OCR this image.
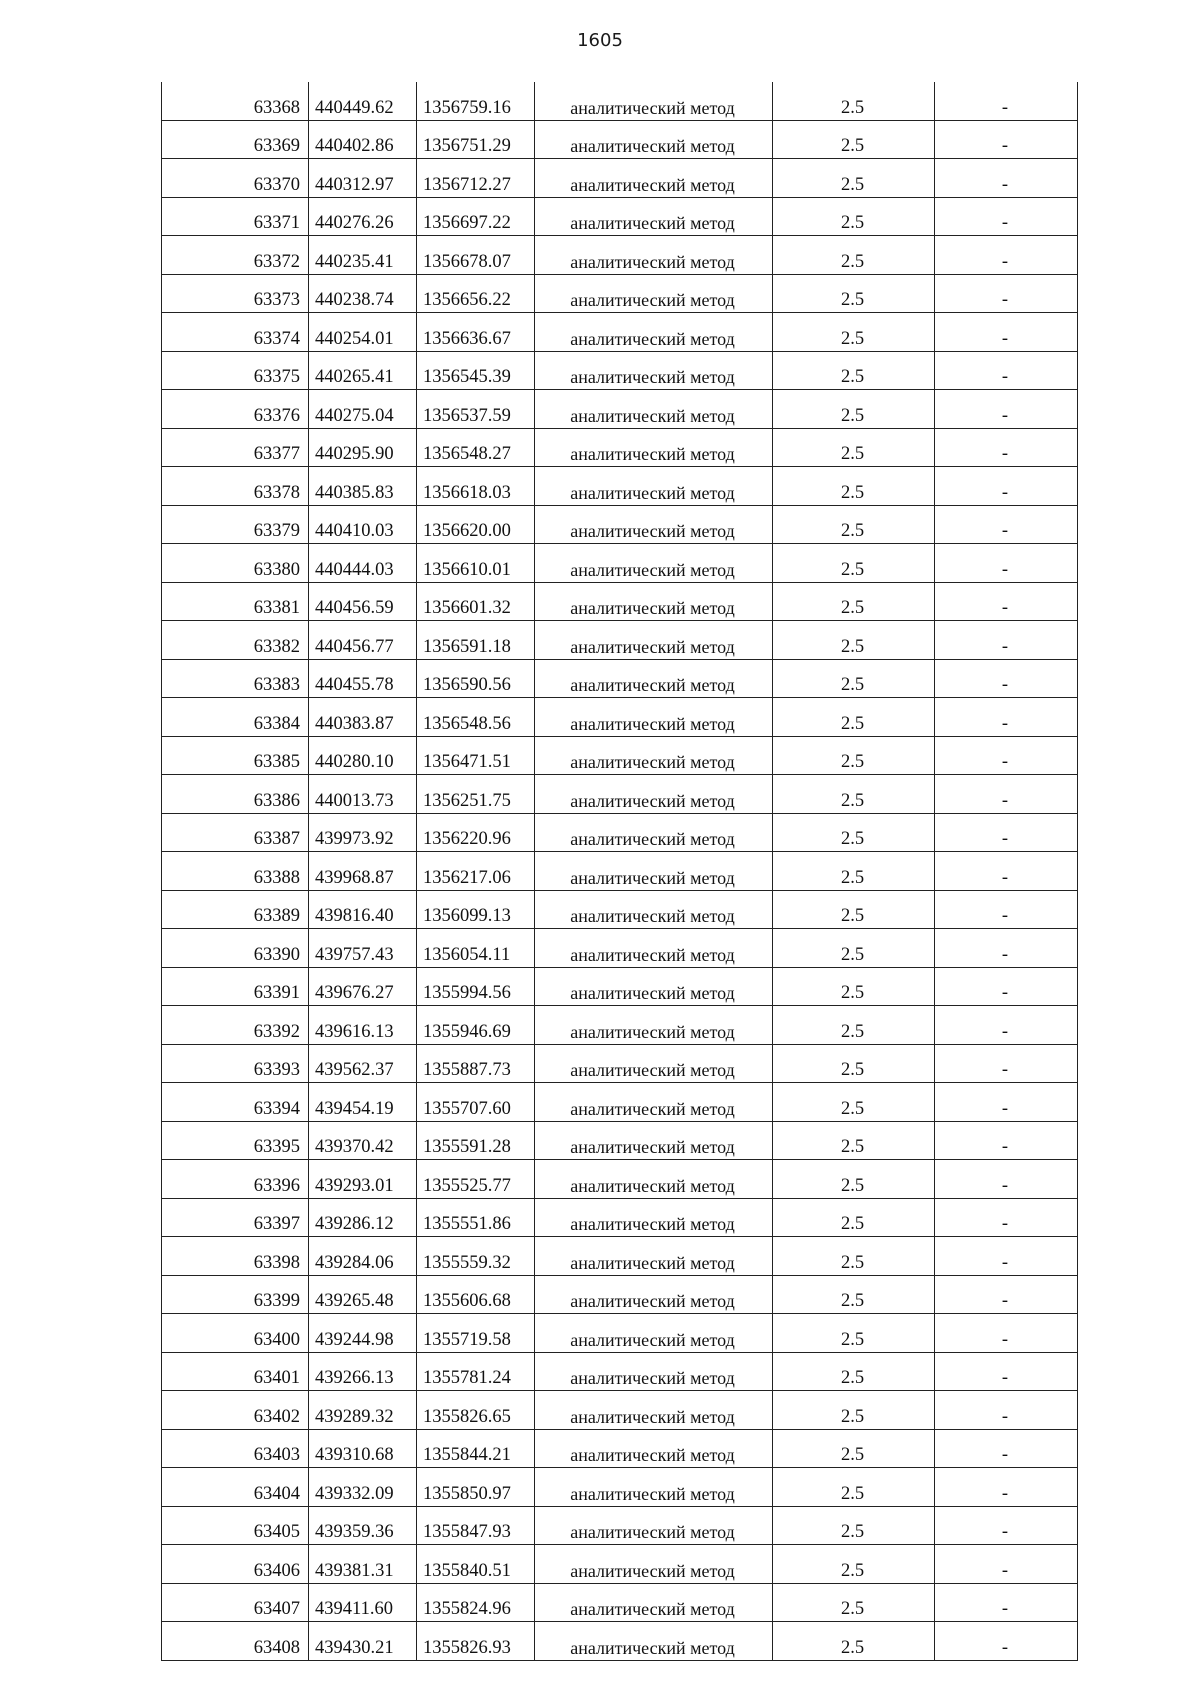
1605
63368	440449.62	1356759.16	аналитический метод	2.5	-
63369	440402.86	1356751.29	аналитический метод	2.5	-
63370	440312.97	1356712.27	аналитический метод	2.5	-
63371	440276.26	1356697.22	аналитический метод	2.5	-
63372	440235.41	1356678.07	аналитический метод	2.5	-
63373	440238.74	1356656.22	аналитический метод	2.5	-
63374	440254.01	1356636.67	аналитический метод	2.5	-
63375	440265.41	1356545.39	аналитический метод	2.5	-
63376	440275.04	1356537.59	аналитический метод	2.5	-
63377	440295.90	1356548.27	аналитический метод	2.5	-
63378	440385.83	1356618.03	аналитический метод	2.5	-
63379	440410.03	1356620.00	аналитический метод	2.5	-
63380	440444.03	1356610.01	аналитический метод	2.5	-
63381	440456.59	1356601.32	аналитический метод	2.5	-
63382	440456.77	1356591.18	аналитический метод	2.5	-
63383	440455.78	1356590.56	аналитический метод	2.5	-
63384	440383.87	1356548.56	аналитический метод	2.5	-
63385	440280.10	1356471.51	аналитический метод	2.5	-
63386	440013.73	1356251.75	аналитический метод	2.5	-
63387	439973.92	1356220.96	аналитический метод	2.5	-
63388	439968.87	1356217.06	аналитический метод	2.5	-
63389	439816.40	1356099.13	аналитический метод	2.5	-
63390	439757.43	1356054.11	аналитический метод	2.5	-
63391	439676.27	1355994.56	аналитический метод	2.5	-
63392	439616.13	1355946.69	аналитический метод	2.5	-
63393	439562.37	1355887.73	аналитический метод	2.5	-
63394	439454.19	1355707.60	аналитический метод	2.5	-
63395	439370.42	1355591.28	аналитический метод	2.5	-
63396	439293.01	1355525.77	аналитический метод	2.5	-
63397	439286.12	1355551.86	аналитический метод	2.5	-
63398	439284.06	1355559.32	аналитический метод	2.5	-
63399	439265.48	1355606.68	аналитический метод	2.5	-
63400	439244.98	1355719.58	аналитический метод	2.5	-
63401	439266.13	1355781.24	аналитический метод	2.5	-
63402	439289.32	1355826.65	аналитический метод	2.5	-
63403	439310.68	1355844.21	аналитический метод	2.5	-
63404	439332.09	1355850.97	аналитический метод	2.5	-
63405	439359.36	1355847.93	аналитический метод	2.5	-
63406	439381.31	1355840.51	аналитический метод	2.5	-
63407	439411.60	1355824.96	аналитический метод	2.5	-
63408	439430.21	1355826.93	аналитический метод	2.5	-
